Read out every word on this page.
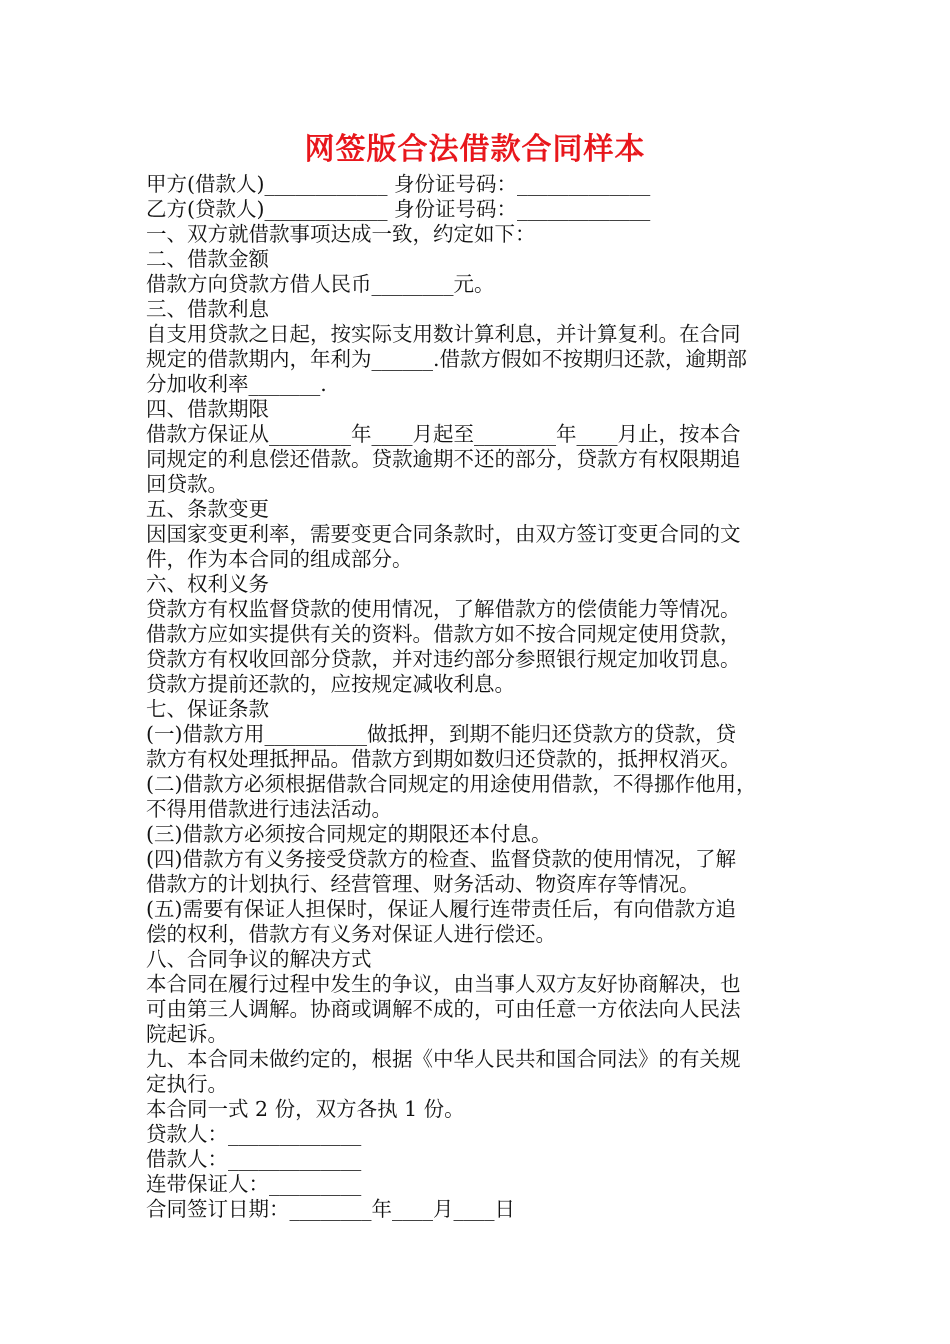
网签版合法借款合同样本
甲方(借款人)____________ 身份证号码：_____________
乙方(贷款人)____________ 身份证号码：_____________
一、双方就借款事项达成一致，约定如下：
二、借款金额
借款方向贷款方借人民币________元。
三、借款利息
自支用贷款之日起，按实际支用数计算利息，并计算复利。在合同
规定的借款期内，年利为______.借款方假如不按期归还款，逾期部
分加收利率_______.
四、借款期限
借款方保证从________年____月起至________年____月止，按本合
同规定的利息偿还借款。贷款逾期不还的部分，贷款方有权限期追
回贷款。
五、条款变更
因国家变更利率，需要变更合同条款时，由双方签订变更合同的文
件，作为本合同的组成部分。
六、权利义务
贷款方有权监督贷款的使用情况，了解借款方的偿债能力等情况。
借款方应如实提供有关的资料。借款方如不按合同规定使用贷款，
贷款方有权收回部分贷款，并对违约部分参照银行规定加收罚息。
贷款方提前还款的，应按规定减收利息。
七、保证条款
(一)借款方用__________做抵押，到期不能归还贷款方的贷款，贷
款方有权处理抵押品。借款方到期如数归还贷款的，抵押权消灭。
(二)借款方必须根据借款合同规定的用途使用借款，不得挪作他用，
不得用借款进行违法活动。
(三)借款方必须按合同规定的期限还本付息。
(四)借款方有义务接受贷款方的检查、监督贷款的使用情况，了解
借款方的计划执行、经营管理、财务活动、物资库存等情况。
(五)需要有保证人担保时，保证人履行连带责任后，有向借款方追
偿的权利，借款方有义务对保证人进行偿还。
八、合同争议的解决方式
本合同在履行过程中发生的争议，由当事人双方友好协商解决，也
可由第三人调解。协商或调解不成的，可由任意一方依法向人民法
院起诉。
九、本合同未做约定的，根据《中华人民共和国合同法》的有关规
定执行。
本合同一式 2 份，双方各执 1 份。
贷款人：_____________
借款人：_____________
连带保证人：_________
合同签订日期：________年____月____日
